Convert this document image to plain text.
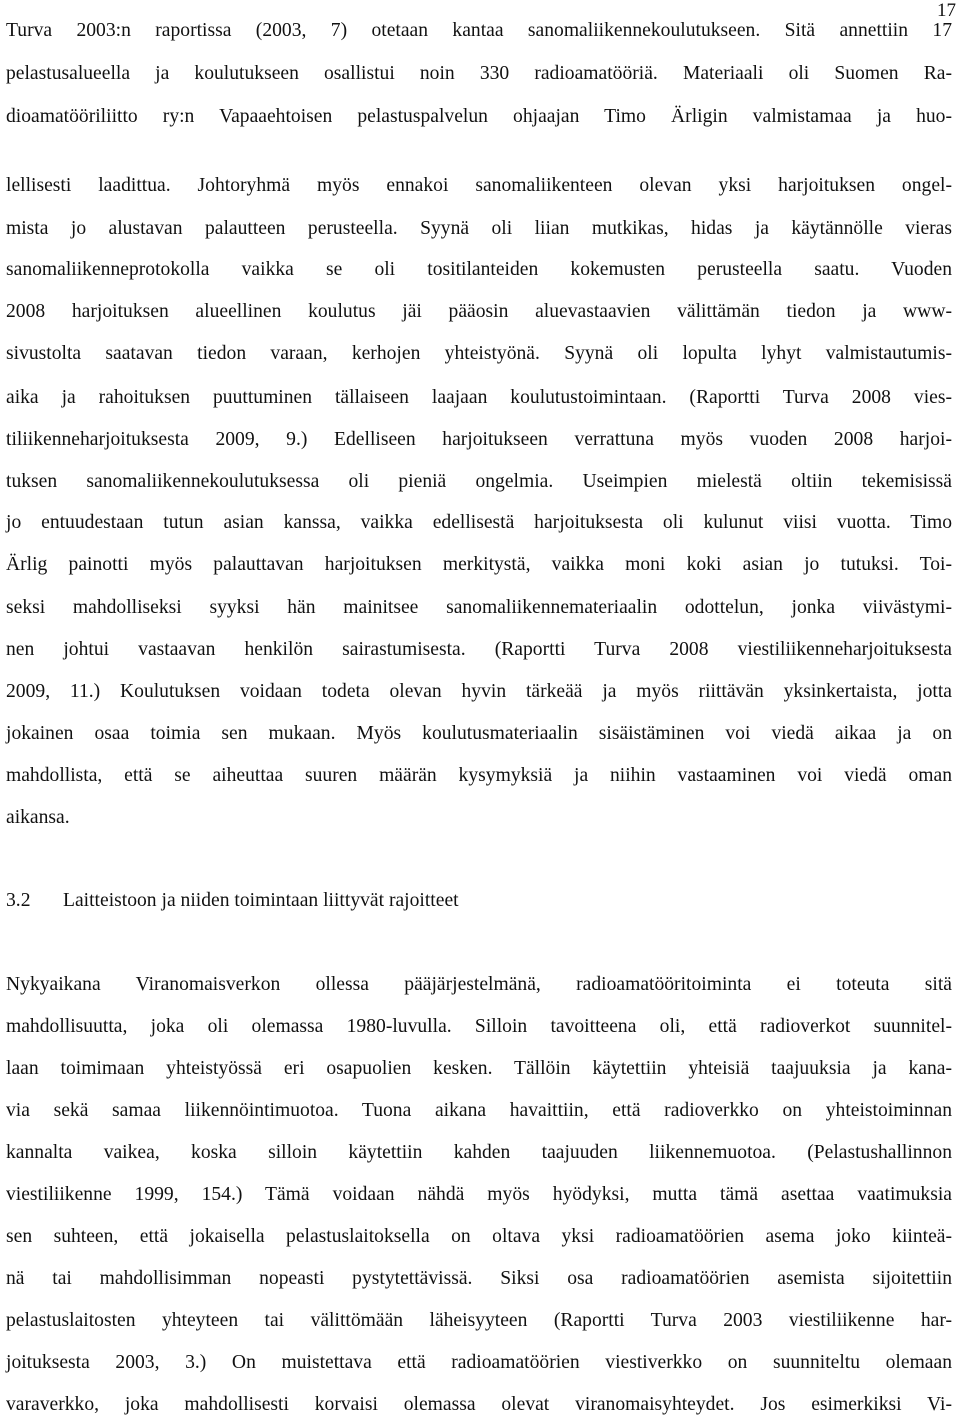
17
Turva 2003:n raportissa (2003, 7) otetaan kantaa sanomaliikennekoulutukseen. Sitä annettiin 17
pelastusalueella ja koulutukseen osallistui noin 330 radioamatööriä. Materiaali oli Suomen Ra-
dioamatööriliitto ry:n Vapaaehtoisen pelastuspalvelun ohjaajan Timo Ärligin valmistamaa ja huo-
lellisesti laadittua. Johtoryhmä myös ennakoi sanomaliikenteen olevan yksi harjoituksen ongel-
mista jo alustavan palautteen perusteella. Syynä oli liian mutkikas, hidas ja käytännölle vieras
sanomaliikenneprotokolla vaikka se oli tositilanteiden kokemusten perusteella saatu. Vuoden
2008 harjoituksen alueellinen koulutus jäi pääosin aluevastaavien välittämän tiedon ja www-
sivustolta saatavan tiedon varaan, kerhojen yhteistyönä. Syynä oli lopulta lyhyt valmistautumis-
aika ja rahoituksen puuttuminen tällaiseen laajaan koulutustoimintaan. (Raportti Turva 2008 vies-
tiliikenneharjoituksesta 2009, 9.) Edelliseen harjoitukseen verrattuna myös vuoden 2008 harjoi-
tuksen sanomaliikennekoulutuksessa oli pieniä ongelmia. Useimpien mielestä oltiin tekemisissä
jo entuudestaan tutun asian kanssa, vaikka edellisestä harjoituksesta oli kulunut viisi vuotta. Timo
Ärlig painotti myös palauttavan harjoituksen merkitystä, vaikka moni koki asian jo tutuksi. Toi-
seksi mahdolliseksi syyksi hän mainitsee sanomaliikennemateriaalin odottelun, jonka viivästymi-
nen johtui vastaavan henkilön sairastumisesta. (Raportti Turva 2008 viestiliikenneharjoituksesta
2009, 11.) Koulutuksen voidaan todeta olevan hyvin tärkeää ja myös riittävän yksinkertaista, jotta
jokainen osaa toimia sen mukaan. Myös koulutusmateriaalin sisäistäminen voi viedä aikaa ja on
mahdollista, että se aiheuttaa suuren määrän kysymyksiä ja niihin vastaaminen voi viedä oman
aikansa.
3.2 Laitteistoon ja niiden toimintaan liittyvät rajoitteet
Nykyaikana Viranomaisverkon ollessa pääjärjestelmänä, radioamatööritoiminta ei toteuta sitä
mahdollisuutta, joka oli olemassa 1980-luvulla. Silloin tavoitteena oli, että radioverkot suunnitel-
laan toimimaan yhteistyössä eri osapuolien kesken. Tällöin käytettiin yhteisiä taajuuksia ja kana-
via sekä samaa liikennöintimuotoa. Tuona aikana havaittiin, että radioverkko on yhteistoiminnan
kannalta vaikea, koska silloin käytettiin kahden taajuuden liikennemuotoa. (Pelastushallinnon
viestiliikenne 1999, 154.) Tämä voidaan nähdä myös hyödyksi, mutta tämä asettaa vaatimuksia
sen suhteen, että jokaisella pelastuslaitoksella on oltava yksi radioamatöörien asema joko kiinteä-
nä tai mahdollisimman nopeasti pystytettävissä. Siksi osa radioamatöörien asemista sijoitettiin
pelastuslaitosten yhteyteen tai välittömään läheisyyteen (Raportti Turva 2003 viestiliikenne har-
joituksesta 2003, 3.) On muistettava että radioamatöörien viestiverkko on suunniteltu olemaan
varaverkko, joka mahdollisesti korvaisi olemassa olevat viranomaisyhteydet. Jos esimerkiksi Vi-
